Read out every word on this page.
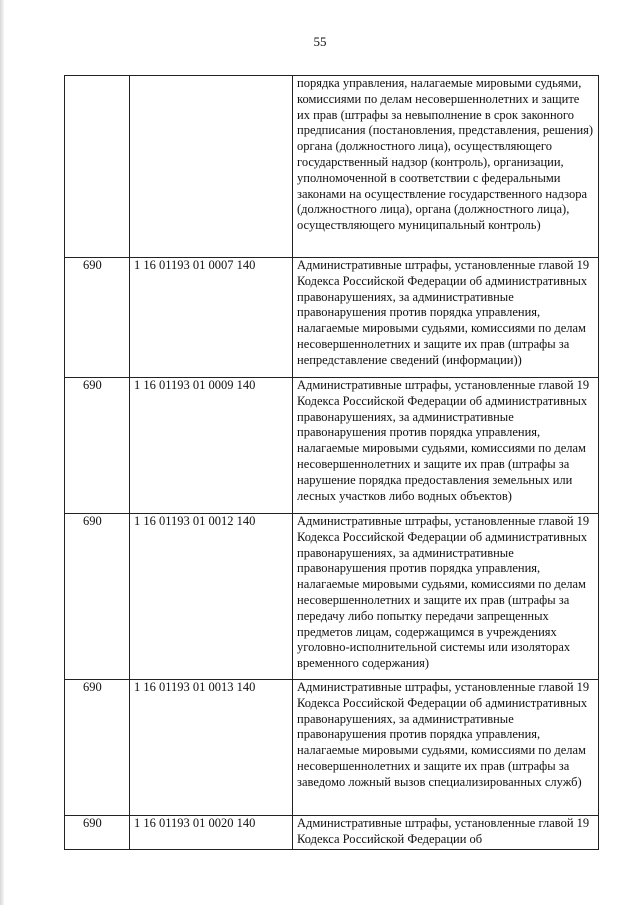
55
		порядка управления, налагаемые мировыми судьями, комиссиями по делам несовершеннолетних и защите их прав (штрафы за невыполнение в срок законного предписания (постановления, представления, решения) органа (должностного лица), осуществляющего государственный надзор (контроль), организации, уполномоченной в соответствии с федеральными законами на осуществление государственного надзора (должностного лица), органа (должностного лица), осуществляющего муниципальный контроль)
690	1 16 01193 01 0007 140	Административные штрафы, установленные главой 19 Кодекса Российской Федерации об административных правонарушениях, за административные правонарушения против порядка управления, налагаемые мировыми судьями, комиссиями по делам несовершеннолетних и защите их прав (штрафы за непредставление сведений (информации))
690	1 16 01193 01 0009 140	Административные штрафы, установленные главой 19 Кодекса Российской Федерации об административных правонарушениях, за административные правонарушения против порядка управления, налагаемые мировыми судьями, комиссиями по делам несовершеннолетних и защите их прав (штрафы за нарушение порядка предоставления земельных или лесных участков либо водных объектов)
690	1 16 01193 01 0012 140	Административные штрафы, установленные главой 19 Кодекса Российской Федерации об административных правонарушениях, за административные правонарушения против порядка управления, налагаемые мировыми судьями, комиссиями по делам несовершеннолетних и защите их прав (штрафы за передачу либо попытку передачи запрещенных предметов лицам, содержащимся в учреждениях уголовно-исполнительной системы или изоляторах временного содержания)
690	1 16 01193 01 0013 140	Административные штрафы, установленные главой 19 Кодекса Российской Федерации об административных правонарушениях, за административные правонарушения против порядка управления, налагаемые мировыми судьями, комиссиями по делам несовершеннолетних и защите их прав (штрафы за заведомо ложный вызов специализированных служб)
690	1 16 01193 01 0020 140	Административные штрафы, установленные главой 19 Кодекса Российской Федерации об
